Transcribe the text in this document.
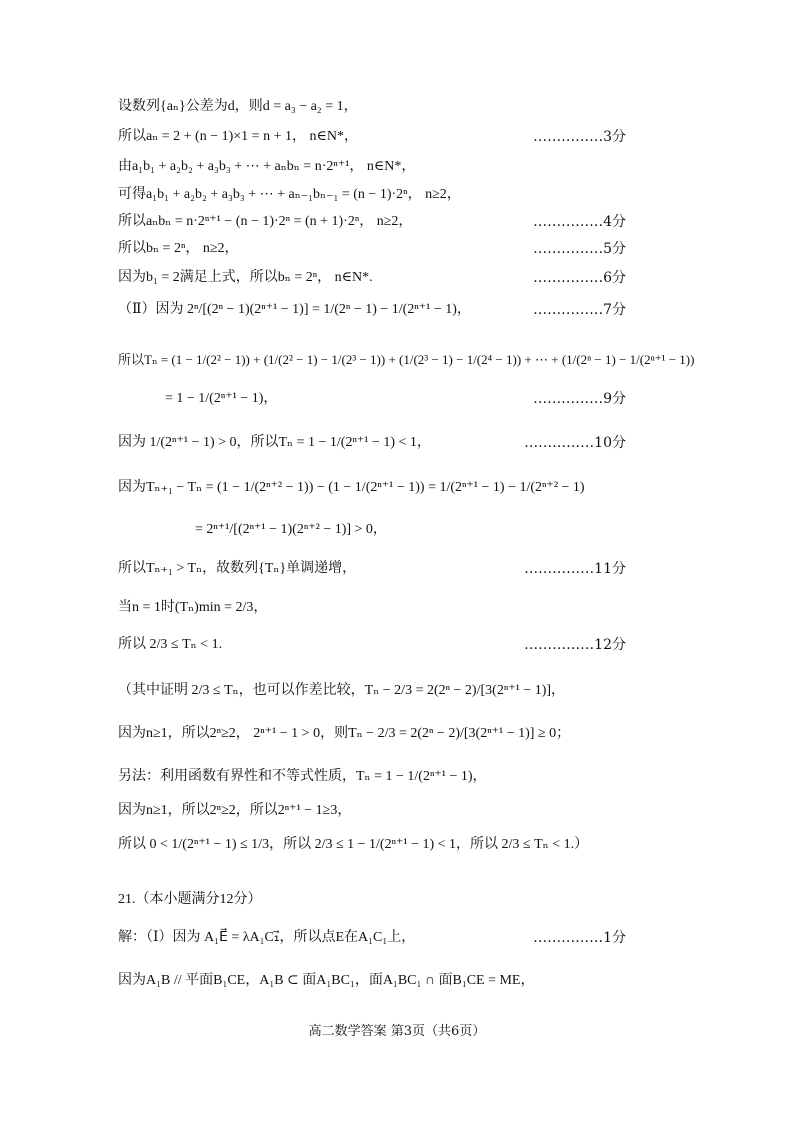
设数列{aₙ}公差为d，则d = a₃ − a₂ = 1，
所以aₙ = 2 + (n − 1)×1 = n + 1， n∈N*，	……………3分
由a₁b₁ + a₂b₂ + a₃b₃ + ⋯ + aₙbₙ = n·2ⁿ⁺¹， n∈N*，
可得a₁b₁ + a₂b₂ + a₃b₃ + ⋯ + aₙ₋₁bₙ₋₁ = (n − 1)·2ⁿ， n≥2，
所以aₙbₙ = n·2ⁿ⁺¹ − (n − 1)·2ⁿ = (n + 1)·2ⁿ， n≥2，	……………4分
所以bₙ = 2ⁿ， n≥2，	……………5分
因为b₁ = 2满足上式，所以bₙ = 2ⁿ， n∈N*.	……………6分
（Ⅱ）因为 2ⁿ/[(2ⁿ − 1)(2ⁿ⁺¹ − 1)] = 1/(2ⁿ − 1) − 1/(2ⁿ⁺¹ − 1)，	……………7分
所以Tₙ = (1 − 1/(2² − 1)) + (1/(2² − 1) − 1/(2³ − 1)) + (1/(2³ − 1) − 1/(2⁴ − 1)) + ⋯ + (1/(2ⁿ − 1) − 1/(2ⁿ⁺¹ − 1))
= 1 − 1/(2ⁿ⁺¹ − 1)，	……………9分
因为 1/(2ⁿ⁺¹ − 1) > 0，所以Tₙ = 1 − 1/(2ⁿ⁺¹ − 1) < 1，	……………10分
因为Tₙ₊₁ − Tₙ = (1 − 1/(2ⁿ⁺² − 1)) − (1 − 1/(2ⁿ⁺¹ − 1)) = 1/(2ⁿ⁺¹ − 1) − 1/(2ⁿ⁺² − 1)
= 2ⁿ⁺¹/[(2ⁿ⁺¹ − 1)(2ⁿ⁺² − 1)] > 0，
所以Tₙ₊₁ > Tₙ，故数列{Tₙ}单调递增，	……………11分
当n = 1时(Tₙ)min = 2/3，
所以 2/3 ≤ Tₙ < 1.	……………12分
（其中证明 2/3 ≤ Tₙ，也可以作差比较，Tₙ − 2/3 = 2(2ⁿ − 2)/[3(2ⁿ⁺¹ − 1)]，
因为n≥1，所以2ⁿ≥2， 2ⁿ⁺¹ − 1 > 0，则Tₙ − 2/3 = 2(2ⁿ − 2)/[3(2ⁿ⁺¹ − 1)] ≥ 0；
另法：利用函数有界性和不等式性质，Tₙ = 1 − 1/(2ⁿ⁺¹ − 1)，
因为n≥1，所以2ⁿ≥2，所以2ⁿ⁺¹ − 1≥3，
所以 0 < 1/(2ⁿ⁺¹ − 1) ≤ 1/3，所以 2/3 ≤ 1 − 1/(2ⁿ⁺¹ − 1) < 1，所以 2/3 ≤ Tₙ < 1.）
21.（本小题满分12分）
解：（Ⅰ）因为 A₁E⃗ = λA₁C₁⃗，所以点E在A₁C₁上，	……………1分
因为A₁B // 平面B₁CE，A₁B ⊂ 面A₁BC₁，面A₁BC₁ ∩ 面B₁CE = ME，
高二数学答案 第3页（共6页）
